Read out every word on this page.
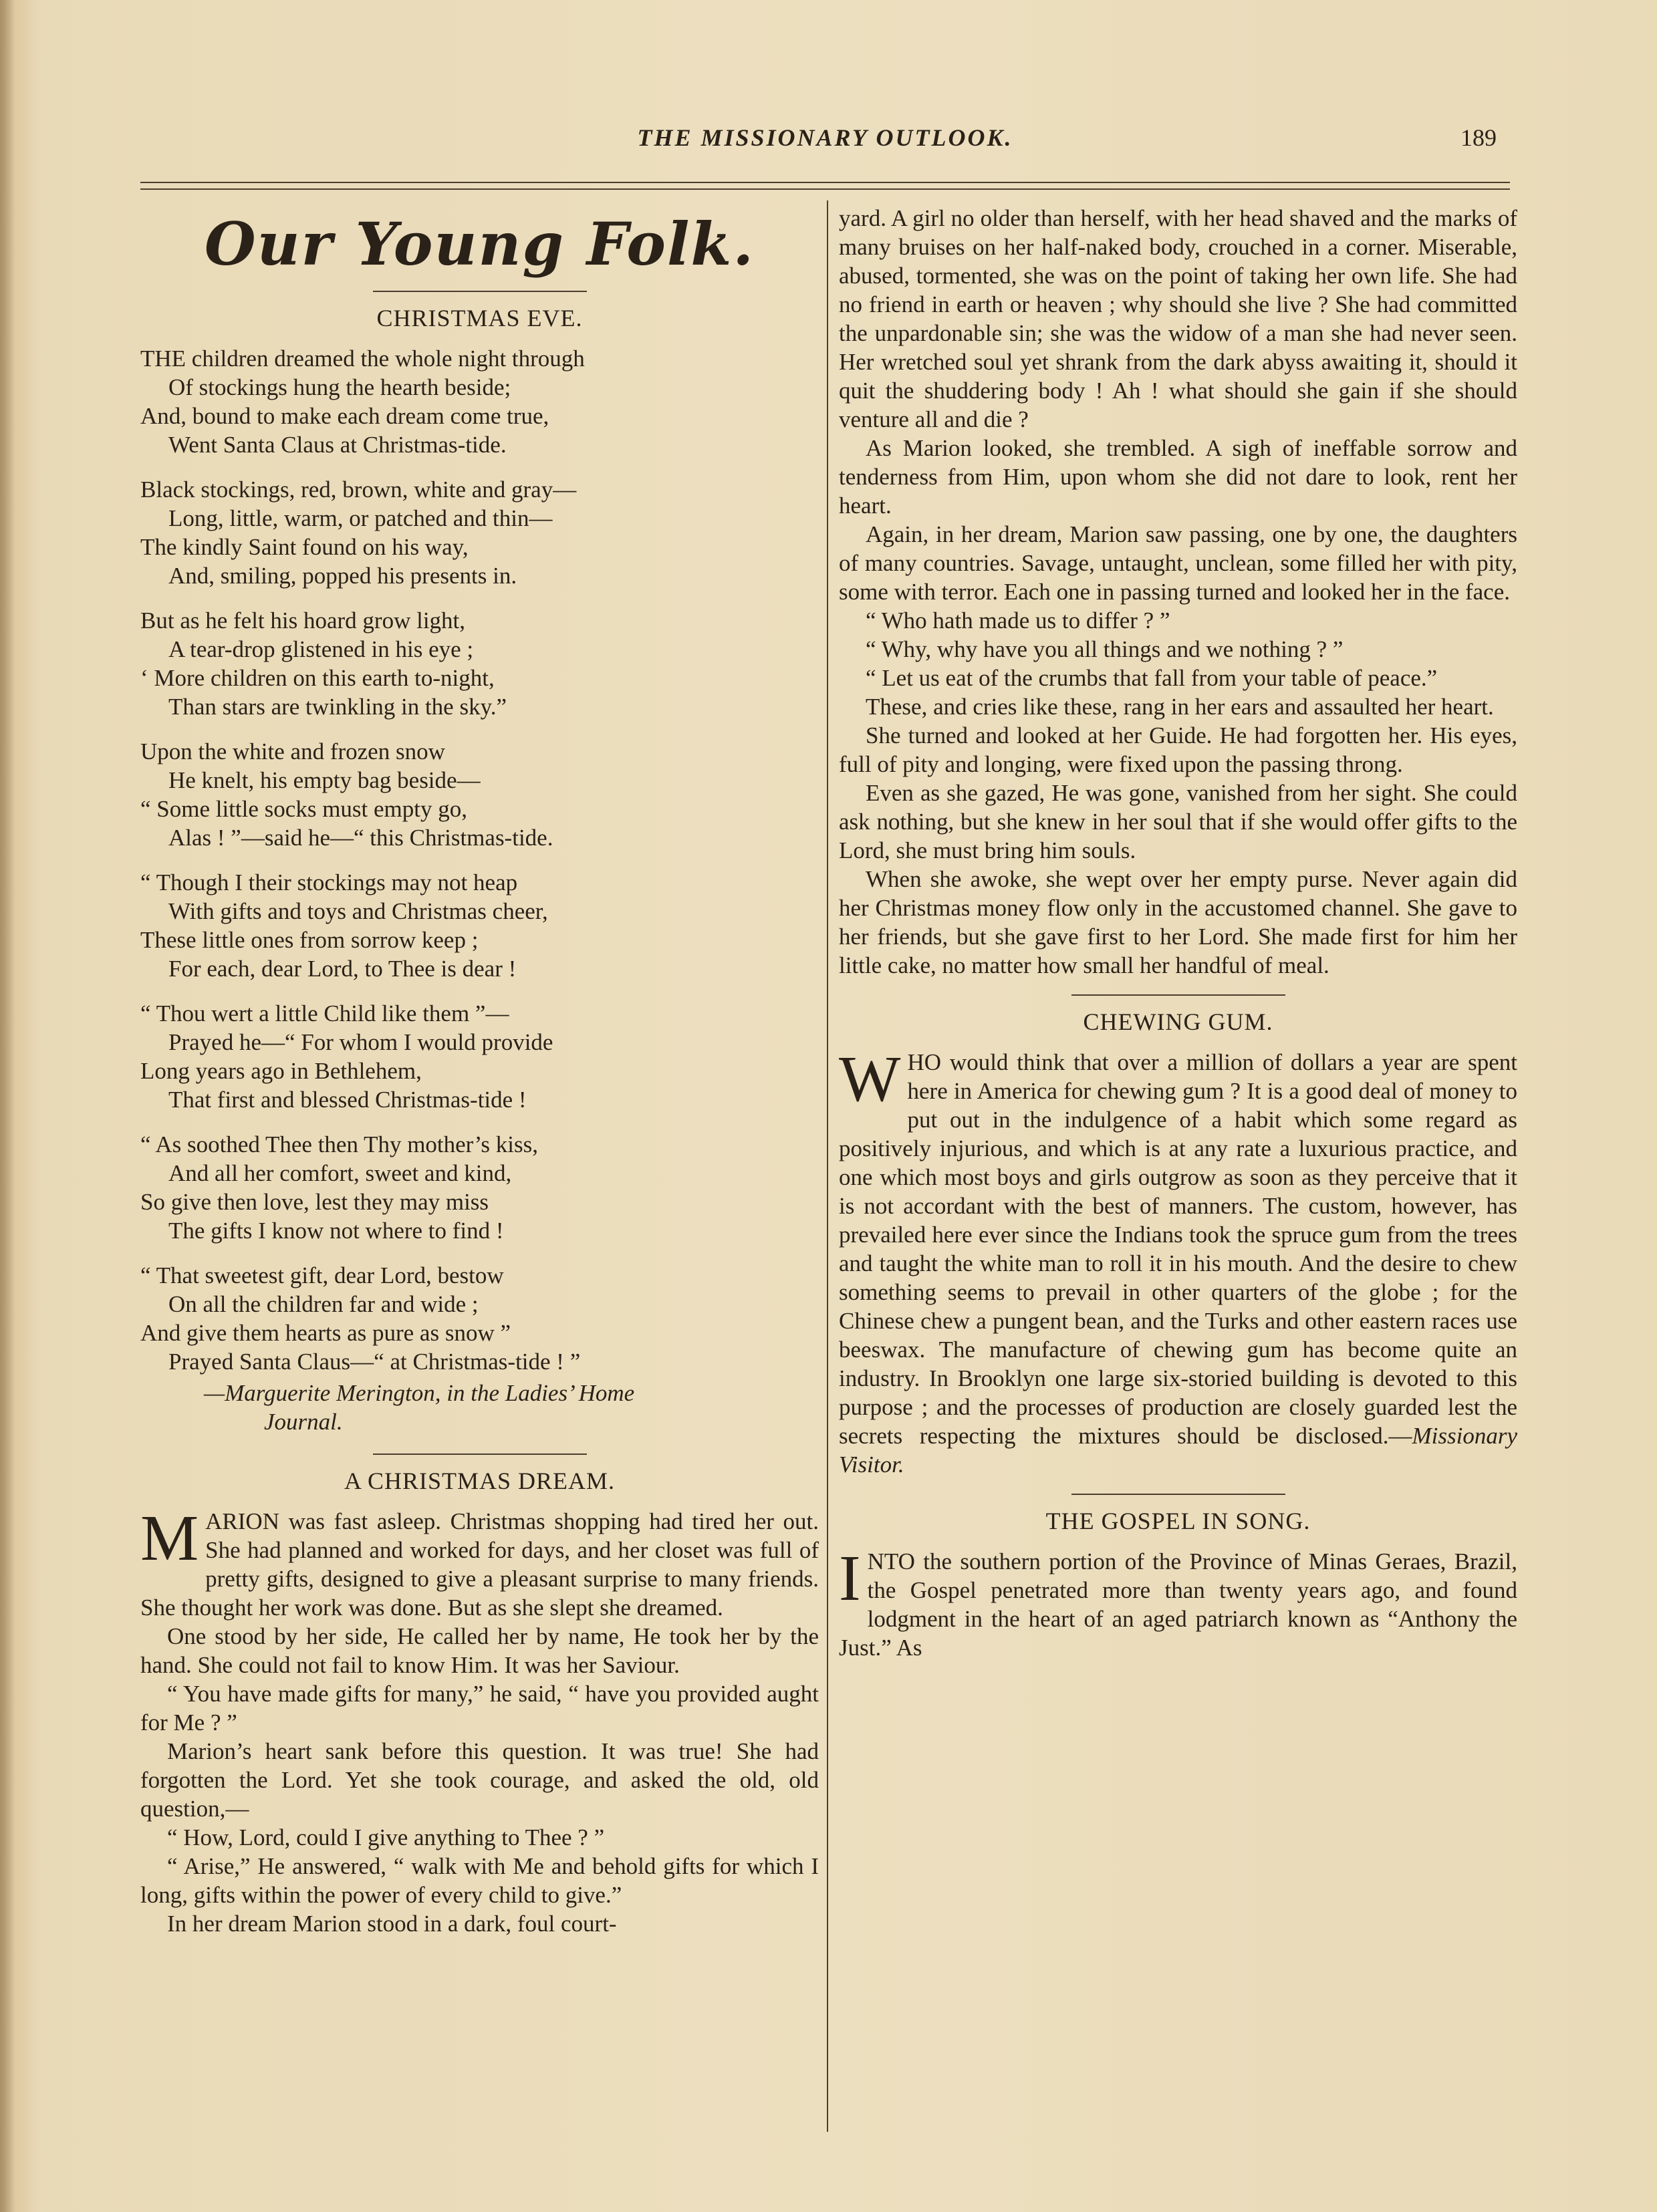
THE MISSIONARY OUTLOOK.	189
Our Young Folk.
CHRISTMAS EVE.
THE children dreamed the whole night through
Of stockings hung the hearth beside;
And, bound to make each dream come true,
Went Santa Claus at Christmas-tide.
Black stockings, red, brown, white and gray—
Long, little, warm, or patched and thin—
The kindly Saint found on his way,
And, smiling, popped his presents in.
But as he felt his hoard grow light,
A tear-drop glistened in his eye ;
‘ More children on this earth to-night,
Than stars are twinkling in the sky.”
Upon the white and frozen snow
He knelt, his empty bag beside—
“ Some little socks must empty go,
Alas ! ”—said he—“ this Christmas-tide.
“ Though I their stockings may not heap
With gifts and toys and Christmas cheer,
These little ones from sorrow keep ;
For each, dear Lord, to Thee is dear !
“ Thou wert a little Child like them ”—
Prayed he—“ For whom I would provide
Long years ago in Bethlehem,
That first and blessed Christmas-tide !
“ As soothed Thee then Thy mother’s kiss,
And all her comfort, sweet and kind,
So give then love, lest they may miss
The gifts I know not where to find !
“ That sweetest gift, dear Lord, bestow
On all the children far and wide ;
And give them hearts as pure as snow ”
Prayed Santa Claus—“ at Christmas-tide ! ”
—Marguerite Merington, in the Ladies’ Home
Journal.
A CHRISTMAS DREAM.

MARION was fast asleep. Christmas shopping had tired her out. She had planned and worked for days, and her closet was full of pretty gifts, designed to give a pleasant surprise to many friends. She thought her work was done. But as she slept she dreamed.

One stood by her side, He called her by name, He took her by the hand. She could not fail to know Him. It was her Saviour.

“ You have made gifts for many,” he said, “ have you provided aught for Me ? ”

Marion’s heart sank before this question. It was true! She had forgotten the Lord. Yet she took courage, and asked the old, old question,—

“ How, Lord, could I give anything to Thee ? ”

“ Arise,” He answered, “ walk with Me and behold gifts for which I long, gifts within the power of every child to give.”

In her dream Marion stood in a dark, foul court-

yard. A girl no older than herself, with her head shaved and the marks of many bruises on her half-naked body, crouched in a corner. Miserable, abused, tormented, she was on the point of taking her own life. She had no friend in earth or heaven ; why should she live ? She had committed the unpardonable sin; she was the widow of a man she had never seen. Her wretched soul yet shrank from the dark abyss awaiting it, should it quit the shuddering body ! Ah ! what should she gain if she should venture all and die ?

As Marion looked, she trembled. A sigh of ineffable sorrow and tenderness from Him, upon whom she did not dare to look, rent her heart.

Again, in her dream, Marion saw passing, one by one, the daughters of many countries. Savage, untaught, unclean, some filled her with pity, some with terror. Each one in passing turned and looked her in the face.

“ Who hath made us to differ ? ”

“ Why, why have you all things and we nothing ? ”

“ Let us eat of the crumbs that fall from your table of peace.”

These, and cries like these, rang in her ears and assaulted her heart.

She turned and looked at her Guide. He had forgotten her. His eyes, full of pity and longing, were fixed upon the passing throng.

Even as she gazed, He was gone, vanished from her sight. She could ask nothing, but she knew in her soul that if she would offer gifts to the Lord, she must bring him souls.

When she awoke, she wept over her empty purse. Never again did her Christmas money flow only in the accustomed channel. She gave to her friends, but she gave first to her Lord. She made first for him her little cake, no matter how small her handful of meal.

CHEWING GUM.

WHO would think that over a million of dollars a year are spent here in America for chewing gum ? It is a good deal of money to put out in the indulgence of a habit which some regard as positively injurious, and which is at any rate a luxurious practice, and one which most boys and girls outgrow as soon as they perceive that it is not accordant with the best of manners. The custom, however, has prevailed here ever since the Indians took the spruce gum from the trees and taught the white man to roll it in his mouth. And the desire to chew something seems to prevail in other quarters of the globe ; for the Chinese chew a pungent bean, and the Turks and other eastern races use beeswax. The manufacture of chewing gum has become quite an industry. In Brooklyn one large six-storied building is devoted to this purpose ; and the processes of production are closely guarded lest the secrets respecting the mixtures should be disclosed.—Missionary Visitor.

THE GOSPEL IN SONG.

INTO the southern portion of the Province of Minas Geraes, Brazil, the Gospel penetrated more than twenty years ago, and found lodgment in the heart of an aged patriarch known as “Anthony the Just.” As
